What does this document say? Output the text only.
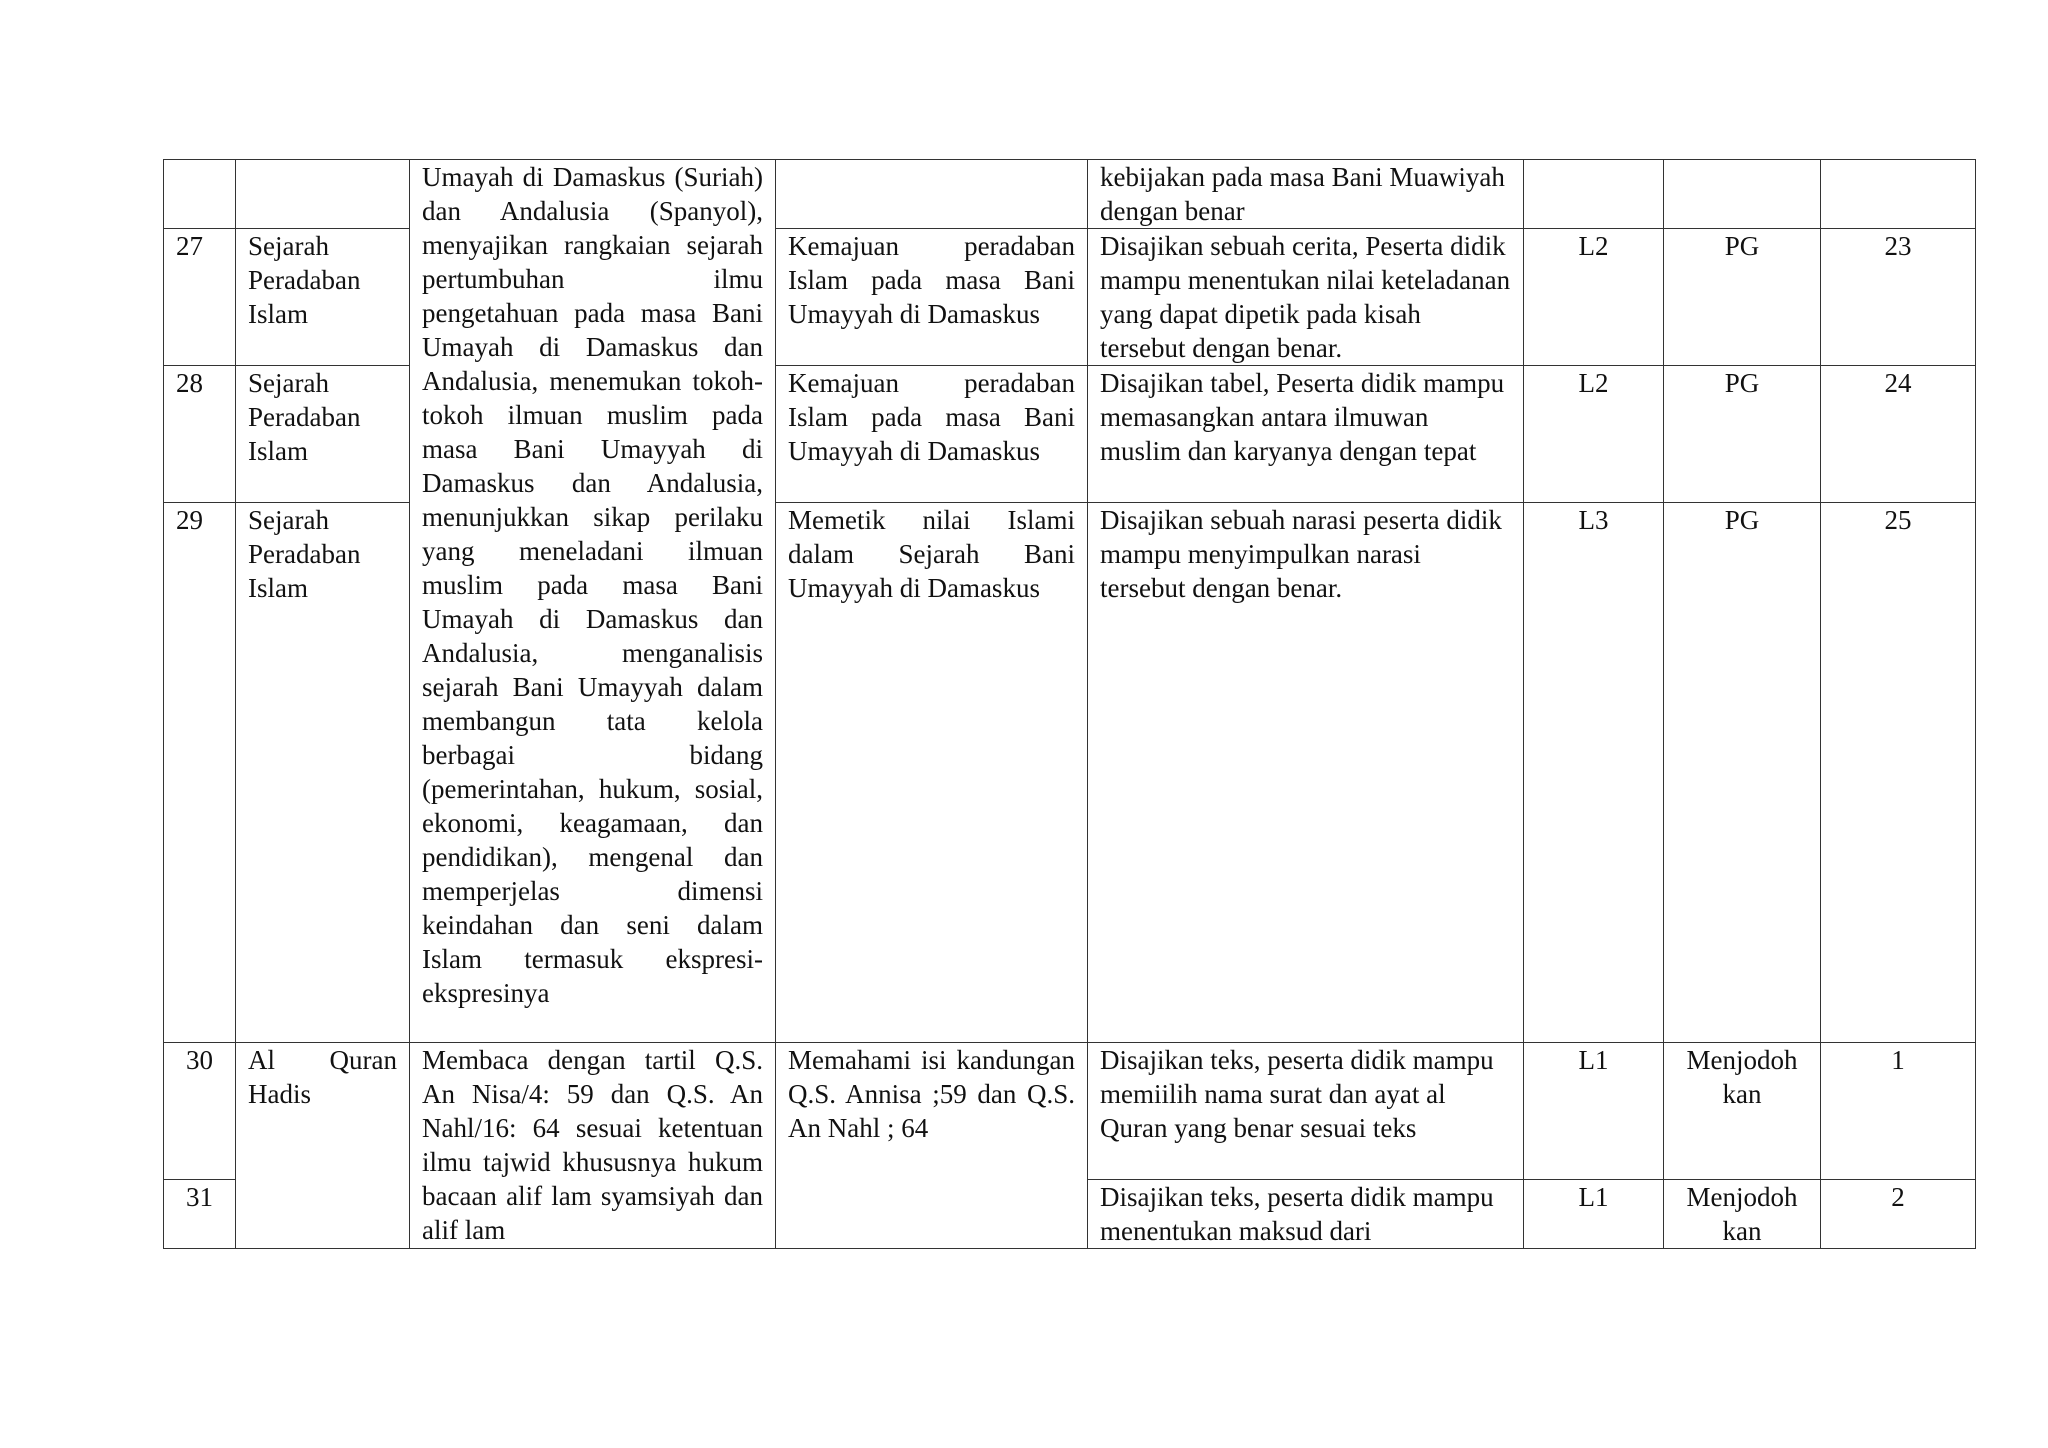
		Umayah di Damaskus (Suriah) dan Andalusia (Spanyol), menyajikan rangkaian sejarah pertumbuhan ilmu pengetahuan pada masa Bani Umayah di Damaskus dan Andalusia, menemukan tokoh-tokoh ilmuan muslim pada masa Bani Umayyah di Damaskus dan Andalusia, menunjukkan sikap perilaku yang meneladani ilmuan muslim pada masa Bani Umayah di Damaskus dan Andalusia, menganalisis sejarah Bani Umayyah dalam membangun tata kelola berbagai bidang (pemerintahan, hukum, sosial, ekonomi, keagamaan, dan pendidikan), mengenal dan memperjelas dimensi keindahan dan seni dalam Islam termasuk ekspresi-ekspresinya		kebijakan pada masa Bani Muawiyah dengan benar			
27	Sejarah Peradaban Islam		Kemajuan peradaban Islam pada masa Bani Umayyah di Damaskus	Disajikan sebuah cerita, Peserta didik mampu menentukan nilai keteladanan yang dapat dipetik pada kisah tersebut dengan benar.	L2	PG	23
28	Sejarah Peradaban Islam		Kemajuan peradaban Islam pada masa Bani Umayyah di Damaskus	Disajikan tabel, Peserta didik mampu memasangkan antara ilmuwan muslim dan karyanya dengan tepat	L2	PG	24
29	Sejarah Peradaban Islam		Memetik nilai Islami dalam Sejarah Bani Umayyah di Damaskus	Disajikan sebuah narasi peserta didik mampu menyimpulkan narasi tersebut dengan benar.	L3	PG	25
30	Al Quran Hadis	Membaca dengan tartil Q.S. An Nisa/4: 59 dan Q.S. An Nahl/16: 64 sesuai ketentuan ilmu tajwid khususnya hukum bacaan alif lam syamsiyah dan alif lam	Memahami isi kandungan Q.S. Annisa ;59 dan Q.S. An Nahl ; 64	Disajikan teks, peserta didik mampu memiilih nama surat dan ayat al Quran yang benar sesuai teks	L1	Menjodoh kan	1
31				Disajikan teks, peserta didik mampu menentukan maksud dari	L1	Menjodoh kan	2
